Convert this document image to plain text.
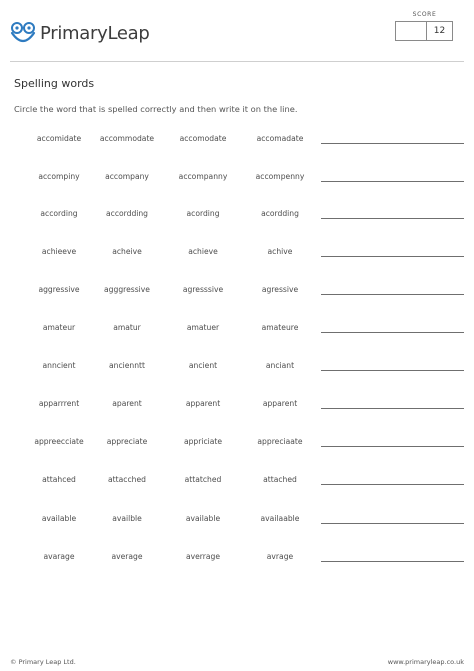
PrimaryLeap
SCORE
12
Spelling words

Circle the word that is spelled correctly and then write it on the line.

accomidate	accommodate	accomodate	accomadate
accompiny	accompany	accompanny	accompenny
according	accordding	acording	acordding
achieeve	acheive	achieve	achive
aggressive	agggressive	agresssive	agressive
amateur	amatur	amatuer	amateure
anncient	ancienntt	ancient	anciant
apparrrent	aparent	apparent	apparent
appreecciate	appreciate	appriciate	appreciaate
attahced	attacched	attatched	attached
available	availble	available	availaable
avarage	average	averrage	avrage
© Primary Leap Ltd.	www.primaryleap.co.uk
